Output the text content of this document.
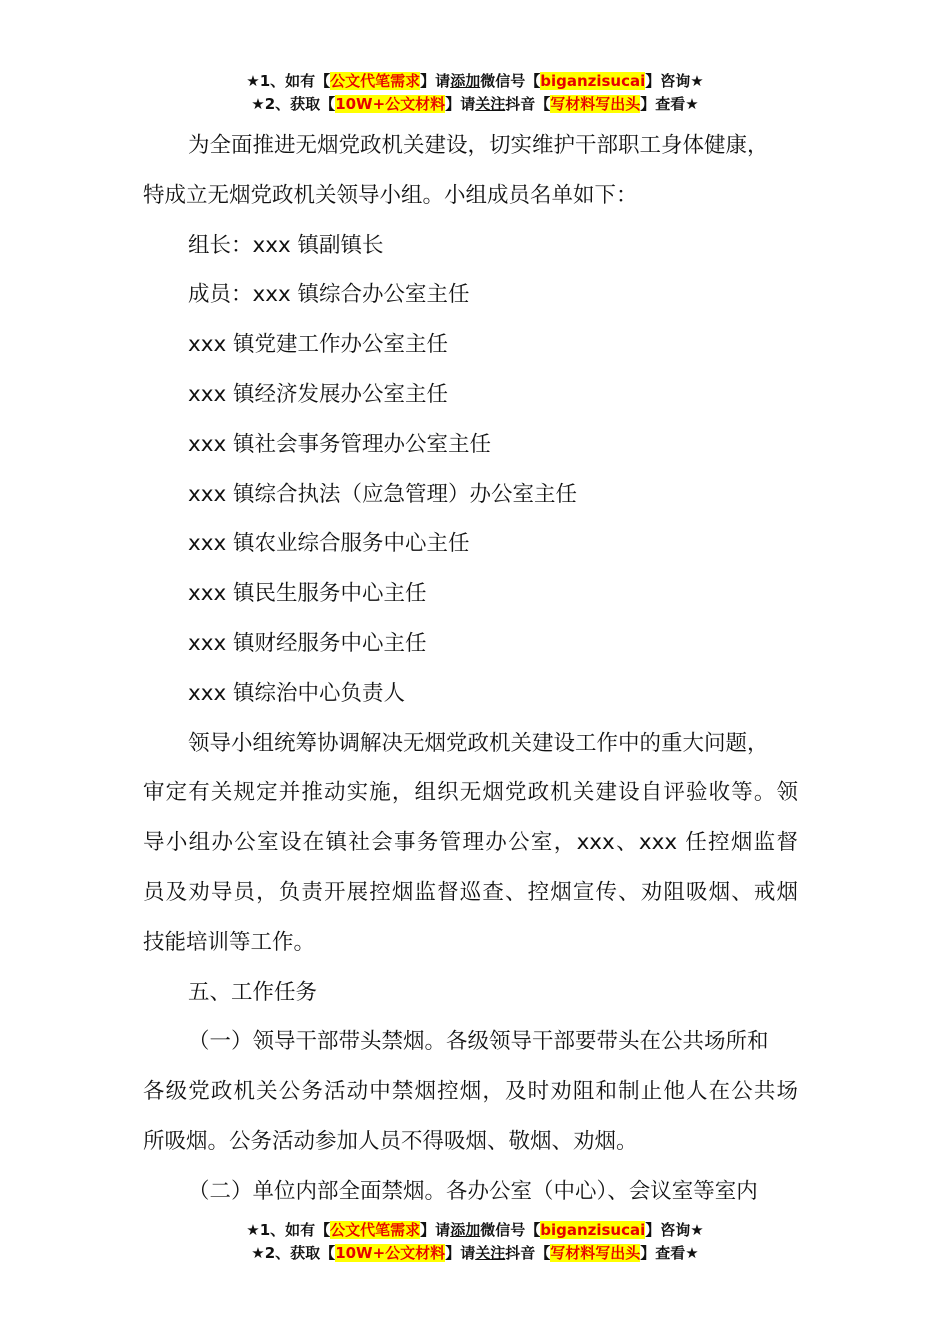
★1、如有【公文代笔需求】请添加微信号【biganzisucai】咨询★
★2、获取【10W+公文材料】请关注抖音【写材料写出头】查看★
为全面推进无烟党政机关建设，切实维护干部职工身体健康，
特成立无烟党政机关领导小组。小组成员名单如下：
组长：xxx 镇副镇长
成员：xxx 镇综合办公室主任
xxx 镇党建工作办公室主任
xxx 镇经济发展办公室主任
xxx 镇社会事务管理办公室主任
xxx 镇综合执法（应急管理）办公室主任
xxx 镇农业综合服务中心主任
xxx 镇民生服务中心主任
xxx 镇财经服务中心主任
xxx 镇综治中心负责人
领导小组统筹协调解决无烟党政机关建设工作中的重大问题，
审定有关规定并推动实施，组织无烟党政机关建设自评验收等。领
导小组办公室设在镇社会事务管理办公室，xxx、xxx 任控烟监督
员及劝导员，负责开展控烟监督巡查、控烟宣传、劝阻吸烟、戒烟
技能培训等工作。
五、工作任务
（一）领导干部带头禁烟。各级领导干部要带头在公共场所和
各级党政机关公务活动中禁烟控烟，及时劝阻和制止他人在公共场
所吸烟。公务活动参加人员不得吸烟、敬烟、劝烟。
（二）单位内部全面禁烟。各办公室（中心）、会议室等室内
★1、如有【公文代笔需求】请添加微信号【biganzisucai】咨询★
★2、获取【10W+公文材料】请关注抖音【写材料写出头】查看★
